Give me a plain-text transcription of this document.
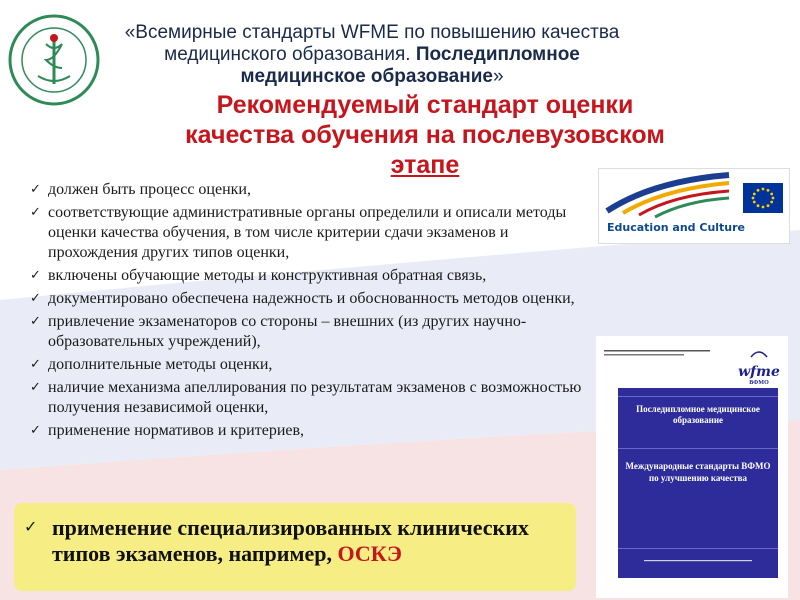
«Всемирные стандарты WFME по повышению качества медицинского образования. Последипломное медицинское образование»
Рекомендуемый стандарт оценки
качества обучения на послевузовском
этапе
✓ должен быть процесс оценки,
✓ соответствующие административные органы определили и описали методы оценки качества обучения, в том числе критерии сдачи экзаменов и прохождения других типов оценки,
✓ включены обучающие методы и конструктивная обратная связь,
✓ документировано обеспечена надежность и обоснованность методов оценки,
✓ привлечение экзаменаторов со стороны – внешних (из других научно-образовательных учреждений),
✓ дополнительные методы оценки,
✓ наличие механизма апеллирования по результатам экзаменов с возможностью получения независимой оценки,
✓ применение нормативов и критериев,
✓ применение специализированных клинических типов экзаменов, например, ОСКЭ
Education and Culture
wfme
ВФМО
Последипломное медицинское образование
Международные стандарты ВФМО по улучшению качества
